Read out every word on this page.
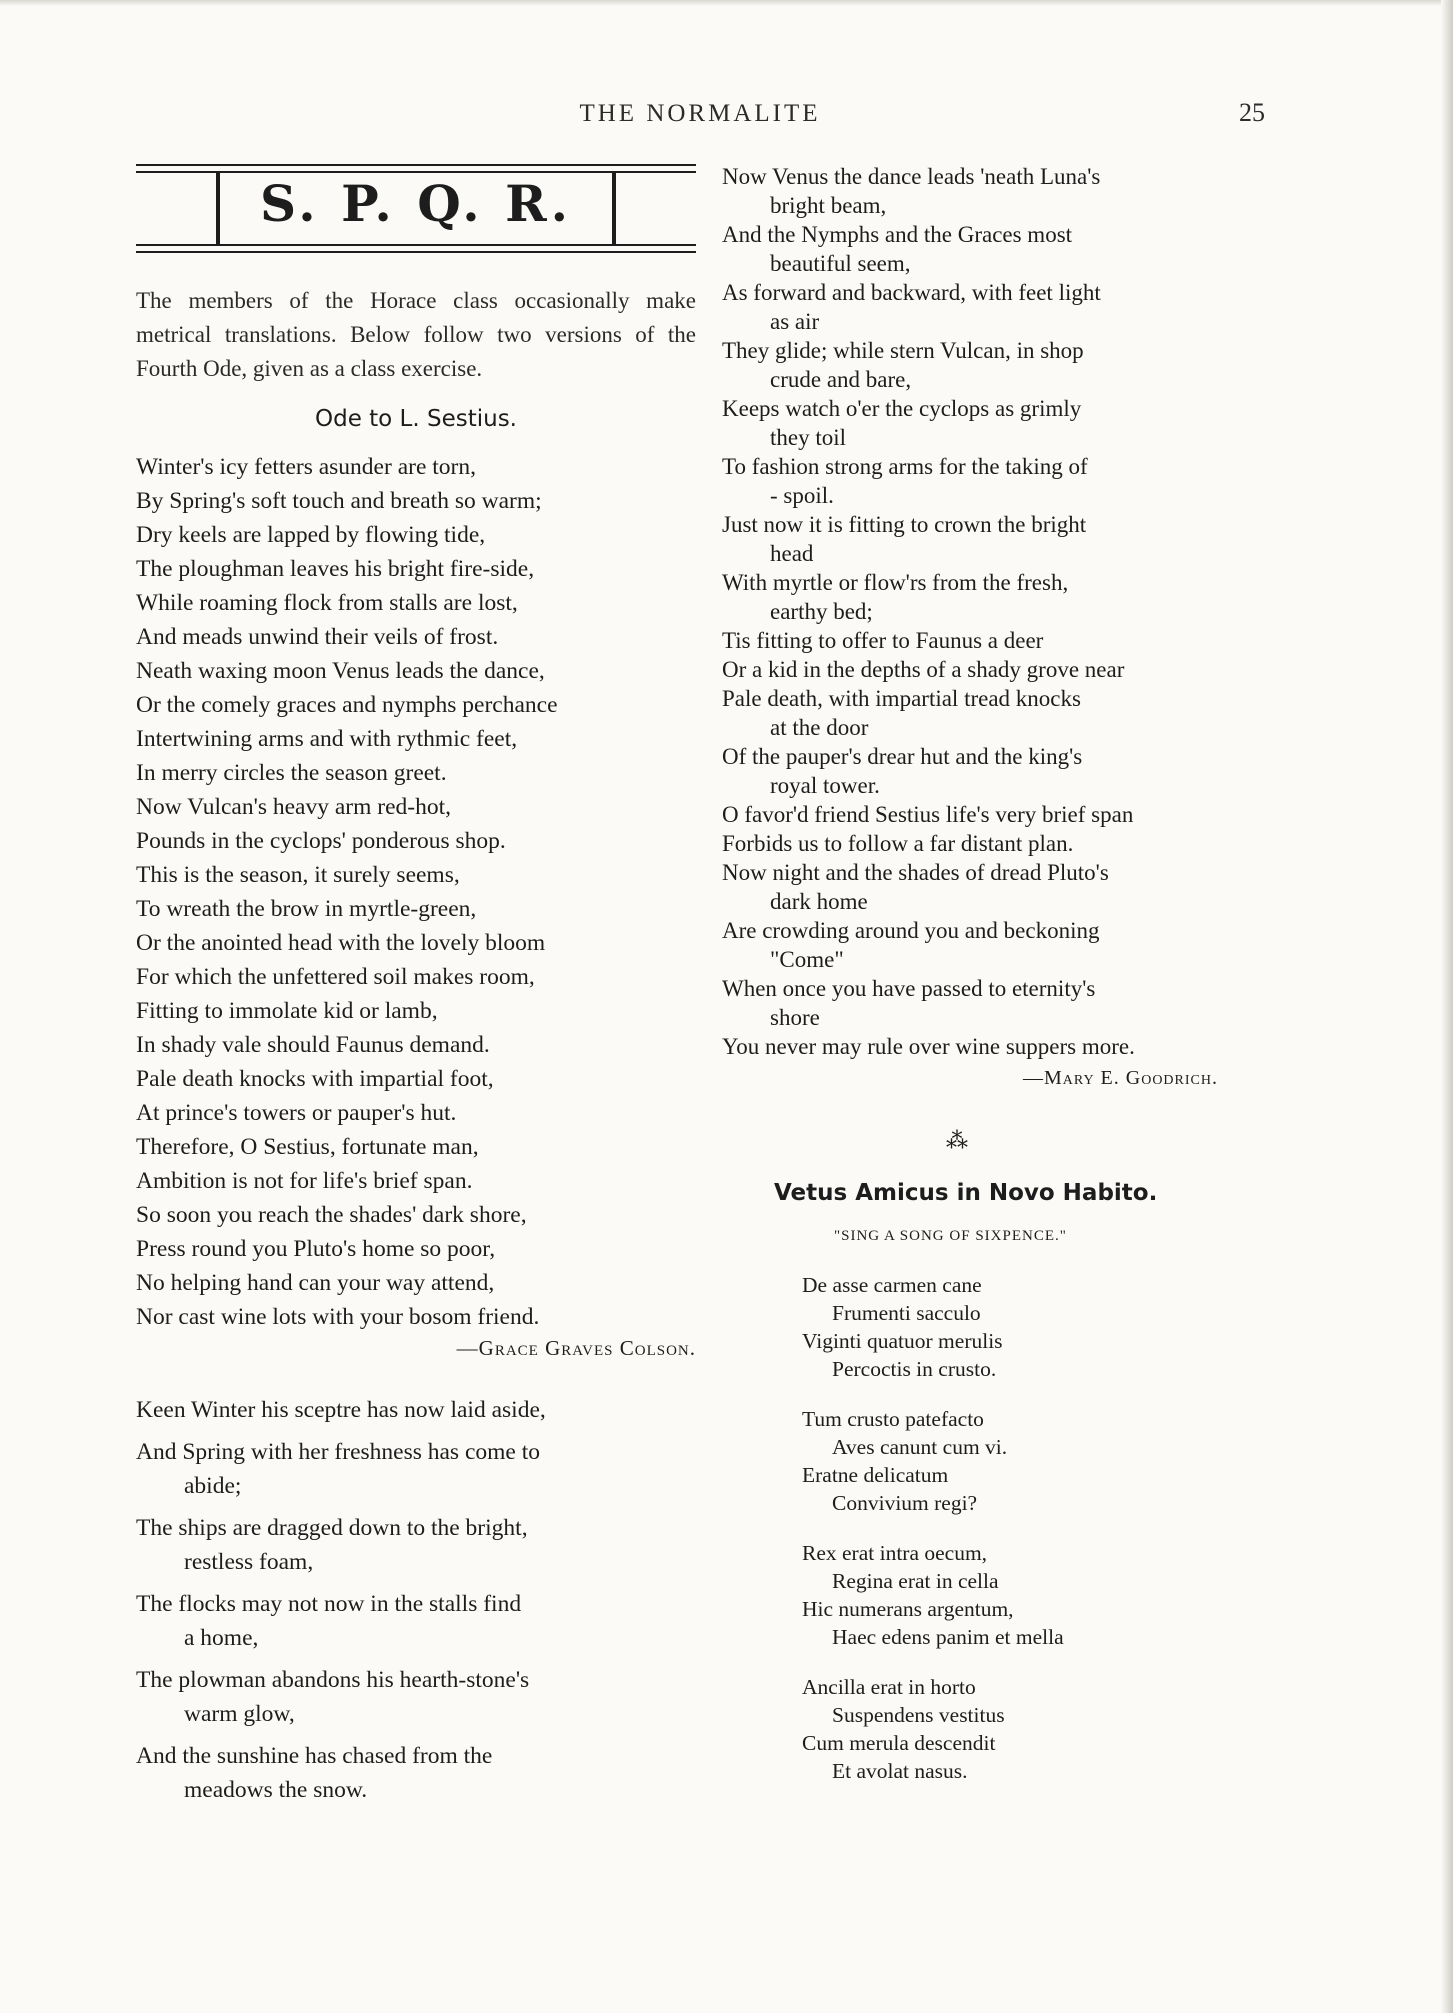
THE NORMALITE	25
S. P. Q. R.
The members of the Horace class occasionally make metrical translations. Below follow two versions of the Fourth Ode, given as a class exercise.
Ode to L. Sestius.
Winter's icy fetters asunder are torn,
By Spring's soft touch and breath so warm;
Dry keels are lapped by flowing tide,
The ploughman leaves his bright fire-side,
While roaming flock from stalls are lost,
And meads unwind their veils of frost.
Neath waxing moon Venus leads the dance,
Or the comely graces and nymphs perchance
Intertwining arms and with rythmic feet,
In merry circles the season greet.
Now Vulcan's heavy arm red-hot,
Pounds in the cyclops' ponderous shop.
This is the season, it surely seems,
To wreath the brow in myrtle-green,
Or the anointed head with the lovely bloom
For which the unfettered soil makes room,
Fitting to immolate kid or lamb,
In shady vale should Faunus demand.
Pale death knocks with impartial foot,
At prince's towers or pauper's hut.
Therefore, O Sestius, fortunate man,
Ambition is not for life's brief span.
So soon you reach the shades' dark shore,
Press round you Pluto's home so poor,
No helping hand can your way attend,
Nor cast wine lots with your bosom friend.
—Grace Graves Colson.
Keen Winter his sceptre has now laid aside,
And Spring with her freshness has come to
abide;
The ships are dragged down to the bright,
restless foam,
The flocks may not now in the stalls find
a home,
The plowman abandons his hearth-stone's
warm glow,
And the sunshine has chased from the
meadows the snow.
Now Venus the dance leads 'neath Luna's
bright beam,
And the Nymphs and the Graces most
beautiful seem,
As forward and backward, with feet light
as air
They glide; while stern Vulcan, in shop
crude and bare,
Keeps watch o'er the cyclops as grimly
they toil
To fashion strong arms for the taking of
- spoil.
Just now it is fitting to crown the bright
head
With myrtle or flow'rs from the fresh,
earthy bed;
Tis fitting to offer to Faunus a deer
Or a kid in the depths of a shady grove near
Pale death, with impartial tread knocks
at the door
Of the pauper's drear hut and the king's
royal tower.
O favor'd friend Sestius life's very brief span
Forbids us to follow a far distant plan.
Now night and the shades of dread Pluto's
dark home
Are crowding around you and beckoning
"Come"
When once you have passed to eternity's
shore
You never may rule over wine suppers more.
—Mary E. Goodrich.
⁂
Vetus Amicus in Novo Habito.
"SING A SONG OF SIXPENCE."
De asse carmen cane
Frumenti sacculo
Viginti quatuor merulis
Percoctis in crusto.
Tum crusto patefacto
Aves canunt cum vi.
Eratne delicatum
Convivium regi?
Rex erat intra oecum,
Regina erat in cella
Hic numerans argentum,
Haec edens panim et mella
Ancilla erat in horto
Suspendens vestitus
Cum merula descendit
Et avolat nasus.
